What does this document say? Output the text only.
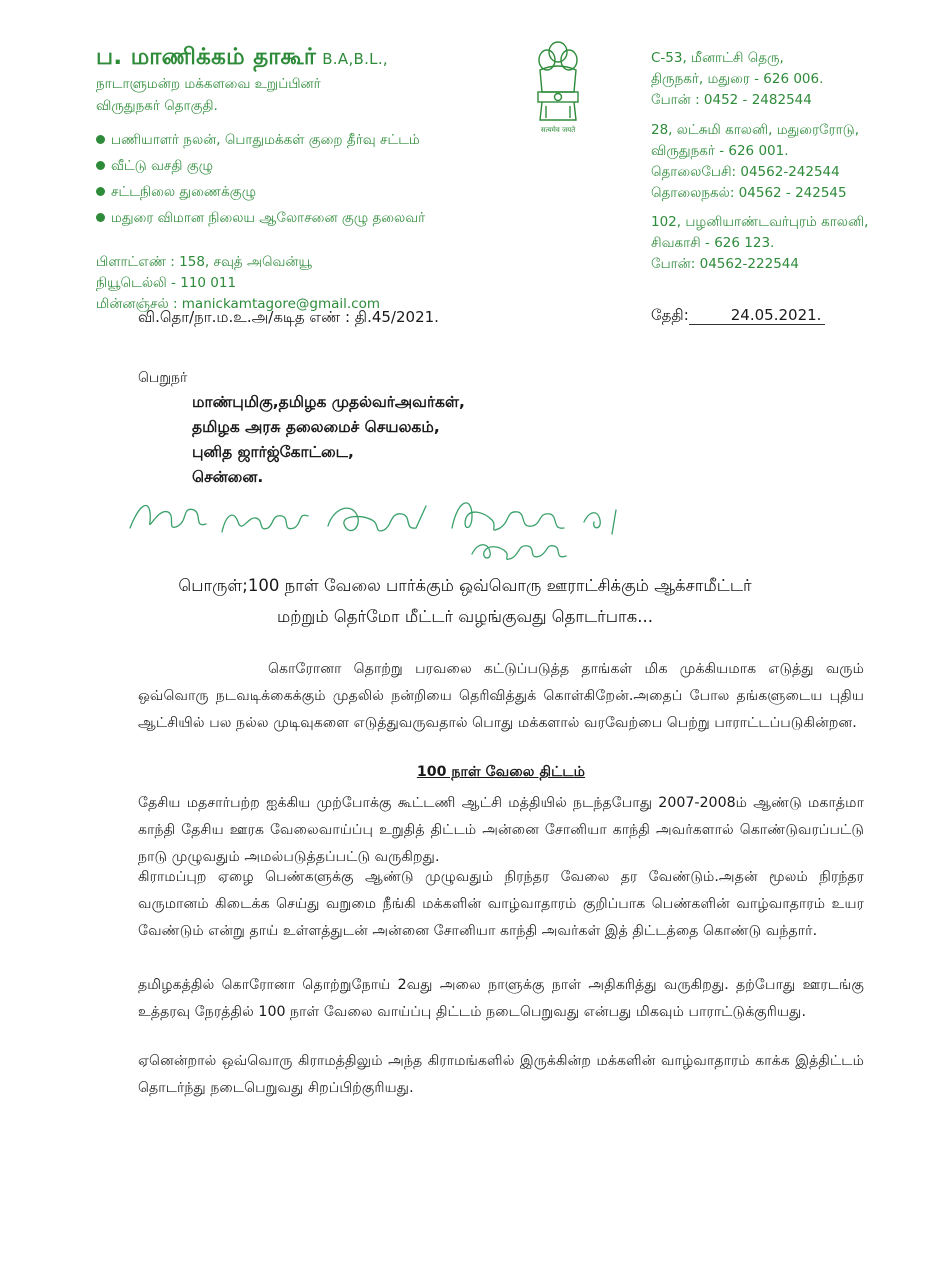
ப. மாணிக்கம் தாகூர் B.A,B.L.,
நாடாளுமன்ற மக்களவை உறுப்பினர்
விருதுநகர் தொகுதி.
பணியாளர் நலன், பொதுமக்கள் குறை தீர்வு சட்டம்
வீட்டு வசதி குழு
சட்டநிலை துணைக்குழு
மதுரை விமான நிலைய ஆலோசனை குழு தலைவர்
பிளாட்எண் : 158, சவுத் அவென்யூ
நியூடெல்லி - 110 011
மின்னஞ்சல் : manickamtagore@gmail.com
सत्यमेव जयते
C-53, மீனாட்சி தெரு,
திருநகர், மதுரை - 626 006.
போன் : 0452 - 2482544
28, லட்சுமி காலனி, மதுரைரோடு,
விருதுநகர் - 626 001.
தொலைபேசி: 04562-242544
தொலைநகல்: 04562 - 242545
102, பழனியாண்டவர்புரம் காலனி,
சிவகாசி - 626 123.
போன்: 04562-222544
வி.தொ/நா.ம.உ.அ/கடித எண் : தி.45/2021.	தேதி:	24.05.2021.
பெறுநர்
மாண்புமிகு,தமிழக முதல்வர்அவர்கள்,
தமிழக அரசு தலைமைச் செயலகம்,
புனித ஜார்ஜ்கோட்டை,
சென்னை.
பொருள்;100 நாள் வேலை பார்க்கும் ஒவ்வொரு ஊராட்சிக்கும் ஆக்சாமீட்டர்
மற்றும் தெர்மோ மீட்டர் வழங்குவது தொடர்பாக...
கொரோனா தொற்று பரவலை கட்டுப்படுத்த தாங்கள் மிக முக்கியமாக எடுத்து வரும் ஒவ்வொரு நடவடிக்கைக்கும் முதலில் நன்றியை தெரிவித்துக் கொள்கிறேன்.அதைப் போல தங்களுடைய புதிய ஆட்சியில் பல நல்ல முடிவுகளை எடுத்துவருவதால் பொது மக்களால் வரவேற்பை பெற்று பாராட்டப்படுகின்றன.
100 நாள் வேலை திட்டம்
தேசிய மதசார்பற்ற ஐக்கிய முற்போக்கு கூட்டணி ஆட்சி மத்தியில் நடந்தபோது 2007-2008ம் ஆண்டு மகாத்மா காந்தி தேசிய ஊரக வேலைவாய்ப்பு உறுதித் திட்டம் அன்னை சோனியா காந்தி அவர்களால் கொண்டுவரப்பட்டு நாடு முழுவதும் அமல்படுத்தப்பட்டு வருகிறது.
கிராமப்புற ஏழை பெண்களுக்கு ஆண்டு முழுவதும் நிரந்தர வேலை தர வேண்டும்.அதன் மூலம் நிரந்தர வருமானம் கிடைக்க செய்து வறுமை நீங்கி மக்களின் வாழ்வாதாரம் குறிப்பாக பெண்களின் வாழ்வாதாரம் உயர வேண்டும் என்று தாய் உள்ளத்துடன் அன்னை சோனியா காந்தி அவர்கள் இத் திட்டத்தை கொண்டு வந்தார்.
தமிழகத்தில் கொரோனா தொற்றுநோய் 2வது அலை நாளுக்கு நாள் அதிகரித்து வருகிறது. தற்போது ஊரடங்கு உத்தரவு நேரத்தில் 100 நாள் வேலை வாய்ப்பு திட்டம் நடைபெறுவது என்பது மிகவும் பாராட்டுக்குரியது.
ஏனென்றால் ஒவ்வொரு கிராமத்திலும் அந்த கிராமங்களில் இருக்கின்ற மக்களின் வாழ்வாதாரம் காக்க இத்திட்டம் தொடர்ந்து நடைபெறுவது சிறப்பிற்குரியது.
